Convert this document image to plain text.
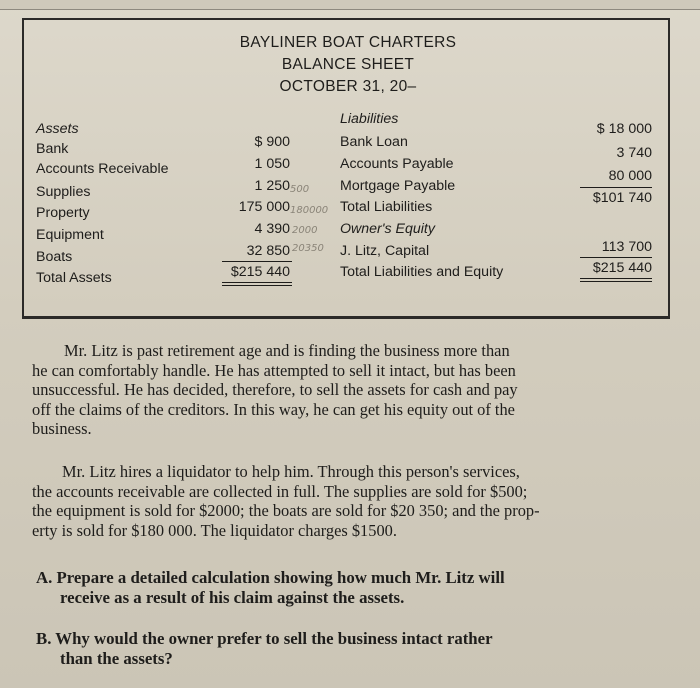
BAYLINER BOAT CHARTERS
BALANCE SHEET
OCTOBER 31, 20–
Assets
Bank
Accounts Receivable
Supplies
Property
Equipment
Boats
Total Assets
$ 900
1 050
1 250
175 000
4 390
32 850
$215 440
500
180000
2000
20350
Liabilities
Bank Loan
Accounts Payable
Mortgage Payable
Total Liabilities
Owner's Equity
J. Litz, Capital
Total Liabilities and Equity
$ 18 000
3 740
80 000
$101 740
113 700
$215 440
Mr. Litz is past retirement age and is finding the business more than
he can comfortably handle. He has attempted to sell it intact, but has been
unsuccessful. He has decided, therefore, to sell the assets for cash and pay
off the claims of the creditors. In this way, he can get his equity out of the
business.
Mr. Litz hires a liquidator to help him. Through this person's services,
the accounts receivable are collected in full. The supplies are sold for $500;
the equipment is sold for $2000; the boats are sold for $20 350; and the prop-
erty is sold for $180 000. The liquidator charges $1500.
A. Prepare a detailed calculation showing how much Mr. Litz will
receive as a result of his claim against the assets.
B. Why would the owner prefer to sell the business intact rather
than the assets?
